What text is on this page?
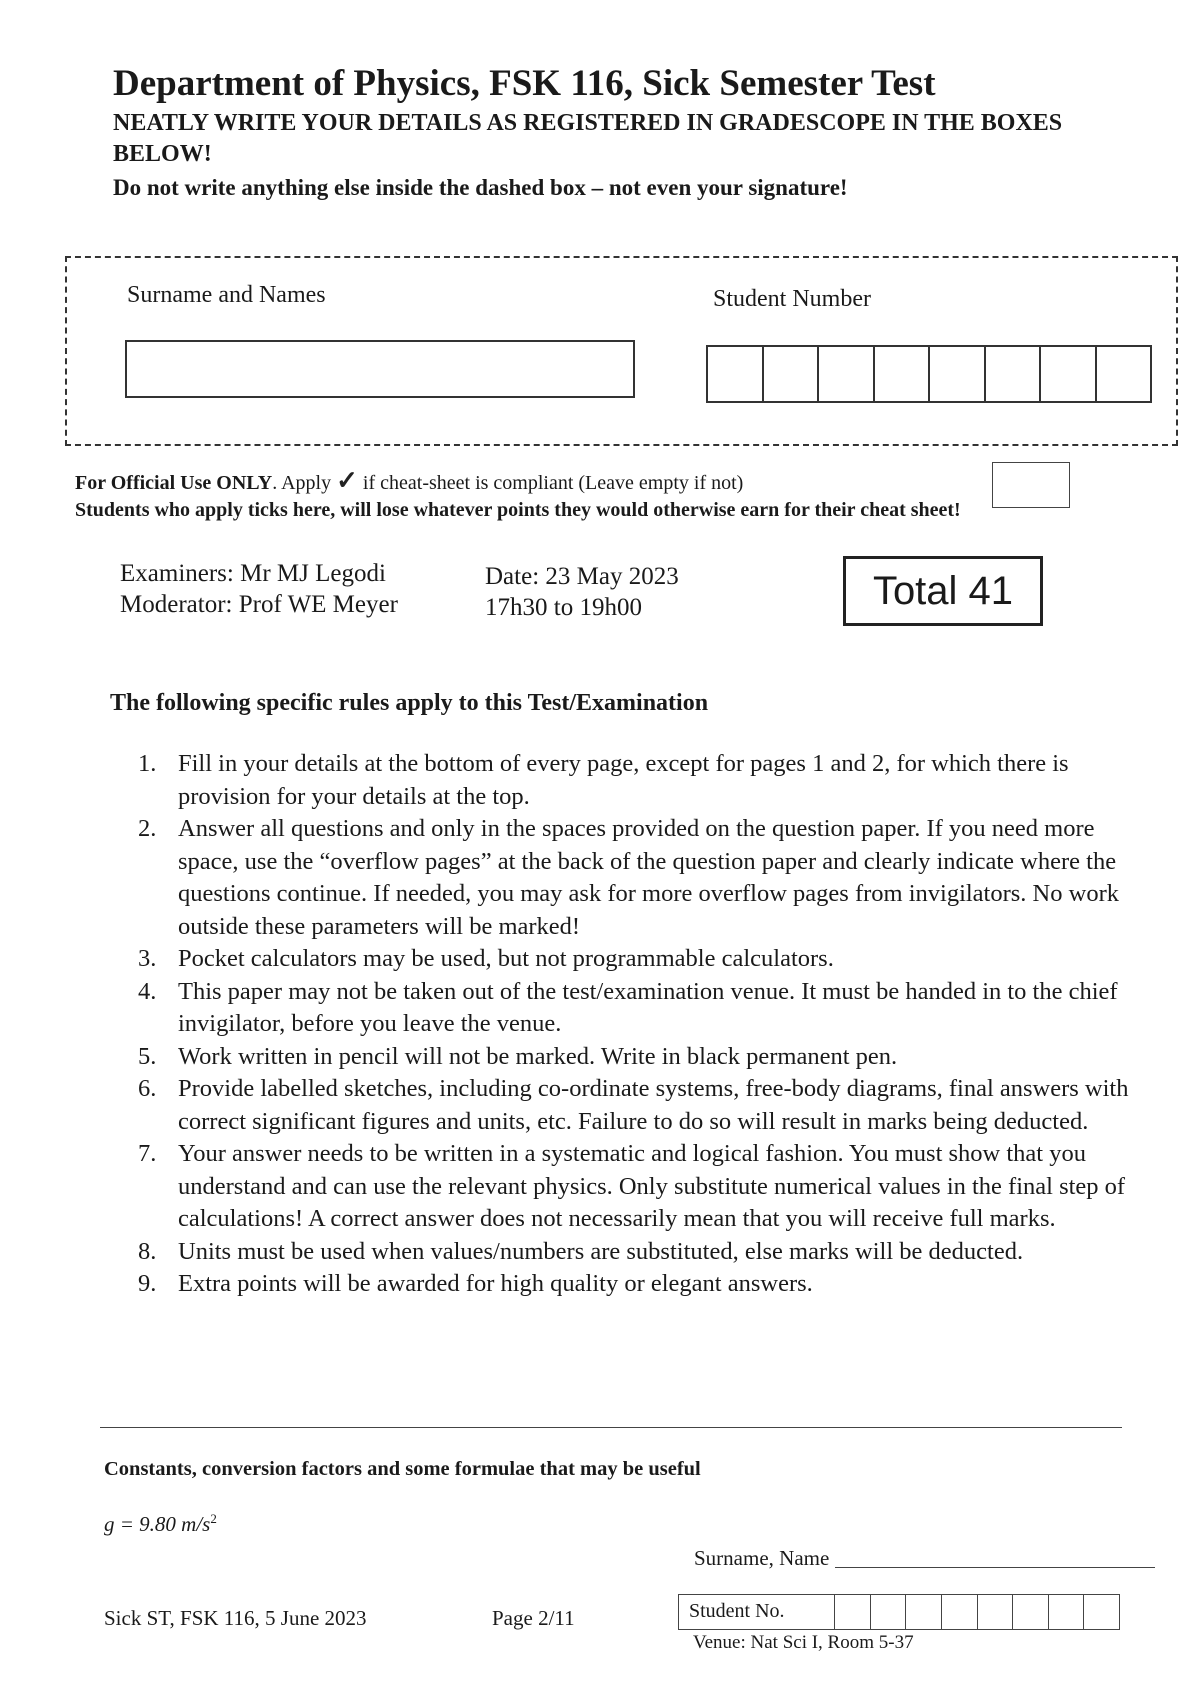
Department of Physics, FSK 116, Sick Semester Test
NEATLY WRITE YOUR DETAILS AS REGISTERED IN GRADESCOPE IN THE BOXES BELOW!
Do not write anything else inside the dashed box – not even your signature!
Surname and Names	Student Number
For Official Use ONLY. Apply ✓ if cheat-sheet is compliant (Leave empty if not)
Students who apply ticks here, will lose whatever points they would otherwise earn for their cheat sheet!
Examiners: Mr MJ Legodi
Moderator: Prof WE Meyer
Date: 23 May 2023
17h30 to 19h00	Total 41
The following specific rules apply to this Test/Examination
1. Fill in your details at the bottom of every page, except for pages 1 and 2, for which there is provision for your details at the top.
2. Answer all questions and only in the spaces provided on the question paper. If you need more space, use the “overflow pages” at the back of the question paper and clearly indicate where the questions continue. If needed, you may ask for more overflow pages from invigilators. No work outside these parameters will be marked!
3. Pocket calculators may be used, but not programmable calculators.
4. This paper may not be taken out of the test/examination venue. It must be handed in to the chief invigilator, before you leave the venue.
5. Work written in pencil will not be marked. Write in black permanent pen.
6. Provide labelled sketches, including co-ordinate systems, free-body diagrams, final answers with correct significant figures and units, etc. Failure to do so will result in marks being deducted.
7. Your answer needs to be written in a systematic and logical fashion. You must show that you understand and can use the relevant physics. Only substitute numerical values in the final step of calculations! A correct answer does not necessarily mean that you will receive full marks.
8. Units must be used when values/numbers are substituted, else marks will be deducted.
9. Extra points will be awarded for high quality or elegant answers.
Constants, conversion factors and some formulae that may be useful
g = 9.80 $m/s^2$
Surname, Name
Sick ST, FSK 116, 5 June 2023	Page 2/11	Student No.
Venue: Nat Sci I, Room 5-37
